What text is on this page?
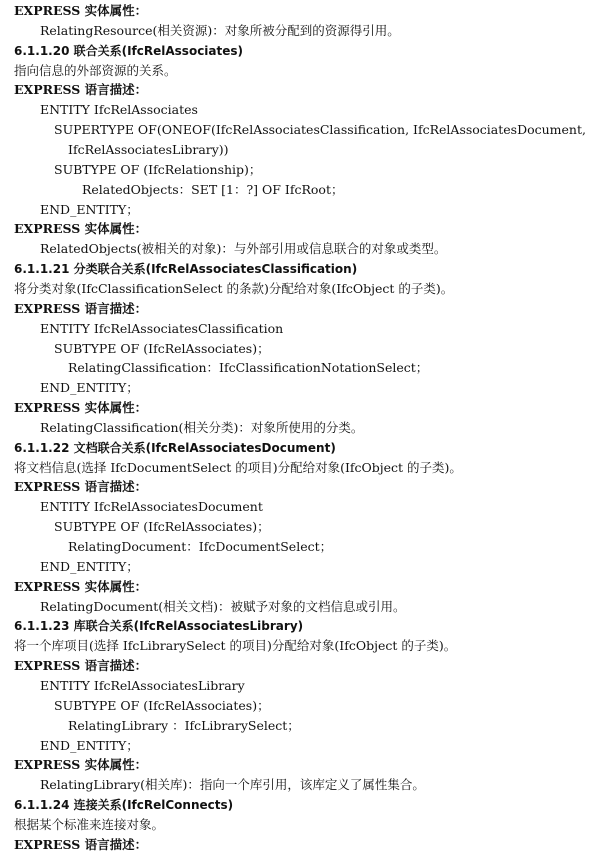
EXPRESS 实体属性：

RelatingResource(相关资源)：对象所被分配到的资源得引用。

6.1.1.20 联合关系(IfcRelAssociates)

指向信息的外部资源的关系。

EXPRESS 语言描述：

ENTITY IfcRelAssociates

SUPERTYPE OF(ONEOF(IfcRelAssociatesClassification, IfcRelAssociatesDocument,

IfcRelAssociatesLibrary))

SUBTYPE OF (IfcRelationship)；

RelatedObjects：SET [1：?] OF IfcRoot；

END_ENTITY；

EXPRESS 实体属性：

RelatedObjects(被相关的对象)：与外部引用或信息联合的对象或类型。

6.1.1.21 分类联合关系(IfcRelAssociatesClassification)

将分类对象(IfcClassificationSelect 的条款)分配给对象(IfcObject 的子类)。

EXPRESS 语言描述：

ENTITY IfcRelAssociatesClassification

SUBTYPE OF (IfcRelAssociates)；

RelatingClassification：IfcClassificationNotationSelect；

END_ENTITY；

EXPRESS 实体属性：

RelatingClassification(相关分类)：对象所使用的分类。

6.1.1.22 文档联合关系(IfcRelAssociatesDocument)

将文档信息(选择 IfcDocumentSelect 的项目)分配给对象(IfcObject 的子类)。

EXPRESS 语言描述：

ENTITY IfcRelAssociatesDocument

SUBTYPE OF (IfcRelAssociates)；

RelatingDocument：IfcDocumentSelect；

END_ENTITY；

EXPRESS 实体属性：

RelatingDocument(相关文档)：被赋予对象的文档信息或引用。

6.1.1.23 库联合关系(IfcRelAssociatesLibrary)

将一个库项目(选择 IfcLibrarySelect 的项目)分配给对象(IfcObject 的子类)。

EXPRESS 语言描述：

ENTITY IfcRelAssociatesLibrary

SUBTYPE OF (IfcRelAssociates)；

RelatingLibrary ：IfcLibrarySelect；

END_ENTITY；

EXPRESS 实体属性：

RelatingLibrary(相关库)：指向一个库引用，该库定义了属性集合。

6.1.1.24 连接关系(IfcRelConnects)

根据某个标准来连接对象。

EXPRESS 语言描述：
